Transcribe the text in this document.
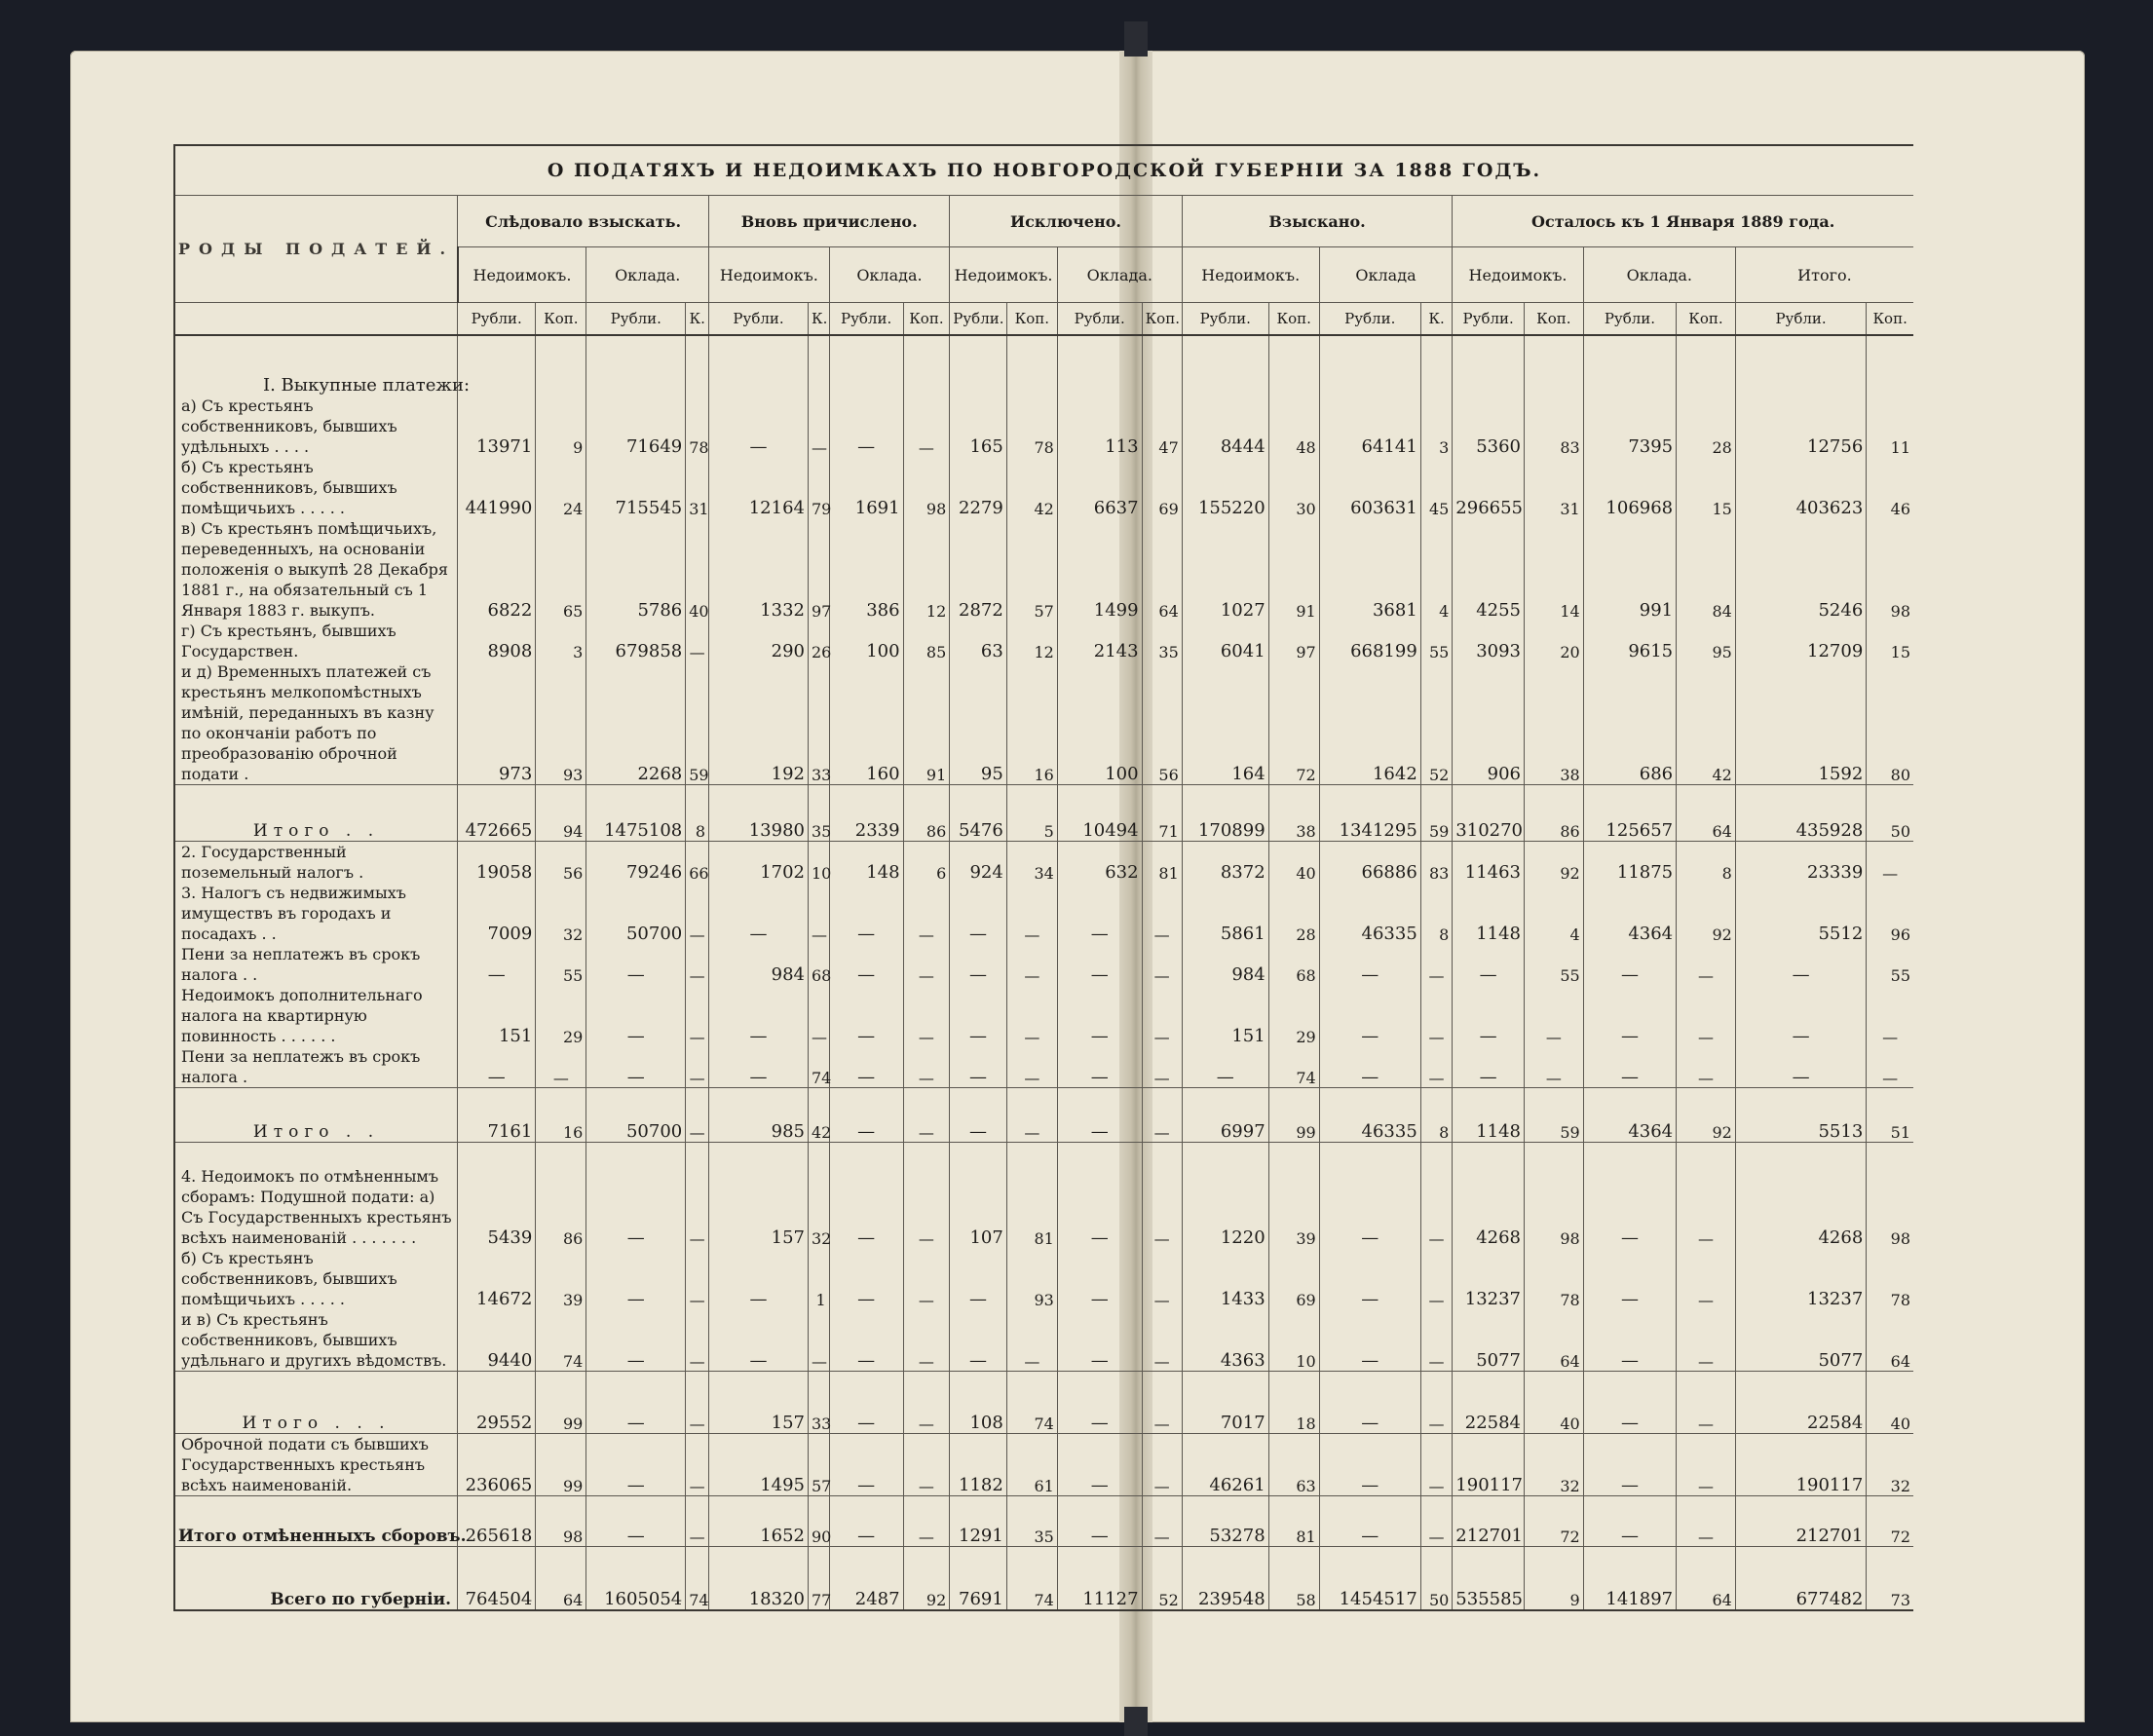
О ПОДАТЯХЪ И НЕДОИМКАХЪ ПО НОВГОРОДСКОЙ ГУБЕРНІИ ЗА 1888 ГОДЪ.																						
РОДЫ ПОДАТЕЙ.	Слѣдовало взыскать.				Вновь причислено.				Исключено.				Взыскано.				Осталось къ 1 Января 1889 года.					
	Недоимокъ.		Оклада.		Недоимокъ.		Оклада.		Недоимокъ.		Оклада.		Недоимокъ.		Оклада		Недоимокъ.		Оклада.		Итого.	
	Рубли.	Коп.	Рубли.	К.	Рубли.	К.	Рубли.	Коп.	Рубли.	Коп.	Рубли.	Коп.	Рубли.	Коп.	Рубли.	К.	Рубли.	Коп.	Рубли.	Коп.	Рубли.	Коп.
I. Выкупные платежи:																						
а) Съ крестьянъ собственниковъ, бывшихъ удѣльныхъ . . . .	13971	9	71649	78	—	—	—	—	165	78	113	47	8444	48	64141	3	5360	83	7395	28	12756	11
б) Съ крестьянъ собственниковъ, бывшихъ помѣщичьихъ . . . . .	441990	24	715545	31	12164	79	1691	98	2279	42	6637	69	155220	30	603631	45	296655	31	106968	15	403623	46
в) Съ крестьянъ помѣщичьихъ, переведенныхъ, на основаніи положенія о выкупѣ 28 Декабря 1881 г., на обязательный съ 1 Января 1883 г. выкупъ.	6822	65	5786	40	1332	97	386	12	2872	57	1499	64	1027	91	3681	4	4255	14	991	84	5246	98
г) Съ крестьянъ, бывшихъ Государствен.	8908	3	679858	—	290	26	100	85	63	12	2143	35	6041	97	668199	55	3093	20	9615	95	12709	15
и д) Временныхъ платежей съ крестьянъ мелкопомѣстныхъ имѣній, переданныхъ въ казну по окончаніи работъ по преобразованію оброчной подати .	973	93	2268	59	192	33	160	91	95	16	100	56	164	72	1642	52	906	38	686	42	1592	80
Итого . .	472665	94	1475108	8	13980	35	2339	86	5476	5	10494	71	170899	38	1341295	59	310270	86	125657	64	435928	50
2. Государственный поземельный налогъ .	19058	56	79246	66	1702	10	148	6	924	34	632	81	8372	40	66886	83	11463	92	11875	8	23339	—
3. Налогъ съ недвижимыхъ имуществъ въ городахъ и посадахъ . .	7009	32	50700	—	—	—	—	—	—	—	—	—	5861	28	46335	8	1148	4	4364	92	5512	96
Пени за неплатежъ въ срокъ налога . .	—	55	—	—	984	68	—	—	—	—	—	—	984	68	—	—	—	55	—	—	—	55
Недоимокъ дополнительнаго налога на квартирную повинность . . . . . .	151	29	—	—	—	—	—	—	—	—	—	—	151	29	—	—	—	—	—	—	—	—
Пени за неплатежъ въ срокъ налога .	—	—	—	—	—	74	—	—	—	—	—	—	—	74	—	—	—	—	—	—	—	—
Итого . .	7161	16	50700	—	985	42	—	—	—	—	—	—	6997	99	46335	8	1148	59	4364	92	5513	51
4. Недоимокъ по отмѣненнымъ сборамъ: Подушной подати: а) Съ Государственныхъ крестьянъ всѣхъ наименованій . . . . . . .	5439	86	—	—	157	32	—	—	107	81	—	—	1220	39	—	—	4268	98	—	—	4268	98
б) Съ крестьянъ собственниковъ, бывшихъ помѣщичьихъ . . . . .	14672	39	—	—	—	1	—	—	—	93	—	—	1433	69	—	—	13237	78	—	—	13237	78
и в) Съ крестьянъ собственниковъ, бывшихъ удѣльнаго и другихъ вѣдомствъ.	9440	74	—	—	—	—	—	—	—	—	—	—	4363	10	—	—	5077	64	—	—	5077	64
Итого . . .	29552	99	—	—	157	33	—	—	108	74	—	—	7017	18	—	—	22584	40	—	—	22584	40
Оброчной подати съ бывшихъ Государственныхъ крестьянъ всѣхъ наименованій.	236065	99	—	—	1495	57	—	—	1182	61	—	—	46261	63	—	—	190117	32	—	—	190117	32
Итого отмѣненныхъ сборовъ.	265618	98	—	—	1652	90	—	—	1291	35	—	—	53278	81	—	—	212701	72	—	—	212701	72
Всего по губерніи.	764504	64	1605054	74	18320	77	2487	92	7691	74	11127	52	239548	58	1454517	50	535585	9	141897	64	677482	73
